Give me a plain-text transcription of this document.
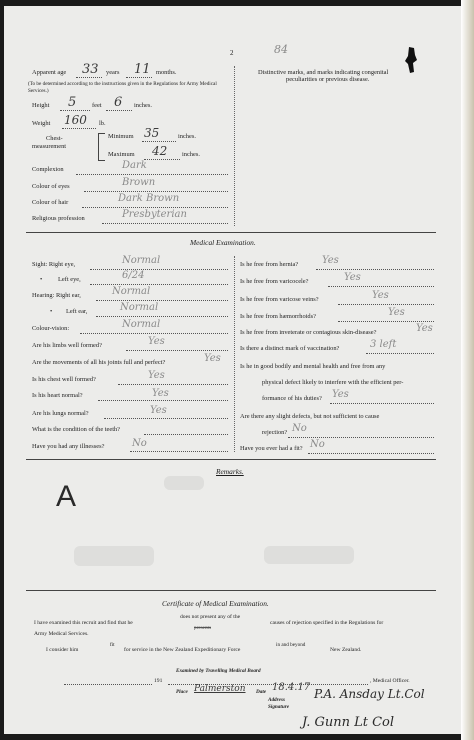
2	84
Apparent age 33 years 11 months.
(To be determined according to the instructions given in the Regulations for Army Medical Services.)
Distinctive marks, and marks indicating congenital
peculiarities or previous disease.
Height 5 feet 6 inches.
Weight 160 lb.
Chest-
measurement
Minimum 35	inches.
Maximum 42 inches.
Complexion	Dark
Colour of eyes	Brown
Colour of hair	Dark Brown
Religious profession	Presbyterian
Medical Examination.
Sight: Right eye,	Normal
• Left eye,	6/24
Hearing: Right ear,	Normal
• Left ear,	Normal
Colour-vision:	Normal
Are his limbs well formed?	Yes
Are the movements of all his joints full and perfect?	Yes
Is his chest well formed?	Yes
Is his heart normal?	Yes
Are his lungs normal?	Yes
What is the condition of the teeth?
Have you had any illnesses?	No
Is he free from hernia? Yes
Is he free from varicocele?	Yes
Is he free from varicose veins?	Yes
Is he free from hæmorrhoids?	Yes
Is he free from inveterate or contagious skin-disease?	Yes
Is there a distinct mark of vaccination?	3 left
Is he in good bodily and mental health and free from any
physical defect likely to interfere with the efficient per-
formance of his duties? Yes
Are there any slight defects, but not sufficient to cause
rejection? No
Have you ever had a fit? No
Remarks.
A
Certificate of Medical Examination.
I have examined this recruit and find that he
does not present any of the
presents
causes of rejection specified in the Regulations for
Army Medical Services.
I consider him
fit
for service in the New Zealand Expeditionary Force
in and beyond
New Zealand.
Examined by Travelling Medical Board
191	, Medical Officer.
Place Palmerston Date 18.4.17
Address
Signature
P.A. Ansday Lt.Col
J. Gunn Lt Col
